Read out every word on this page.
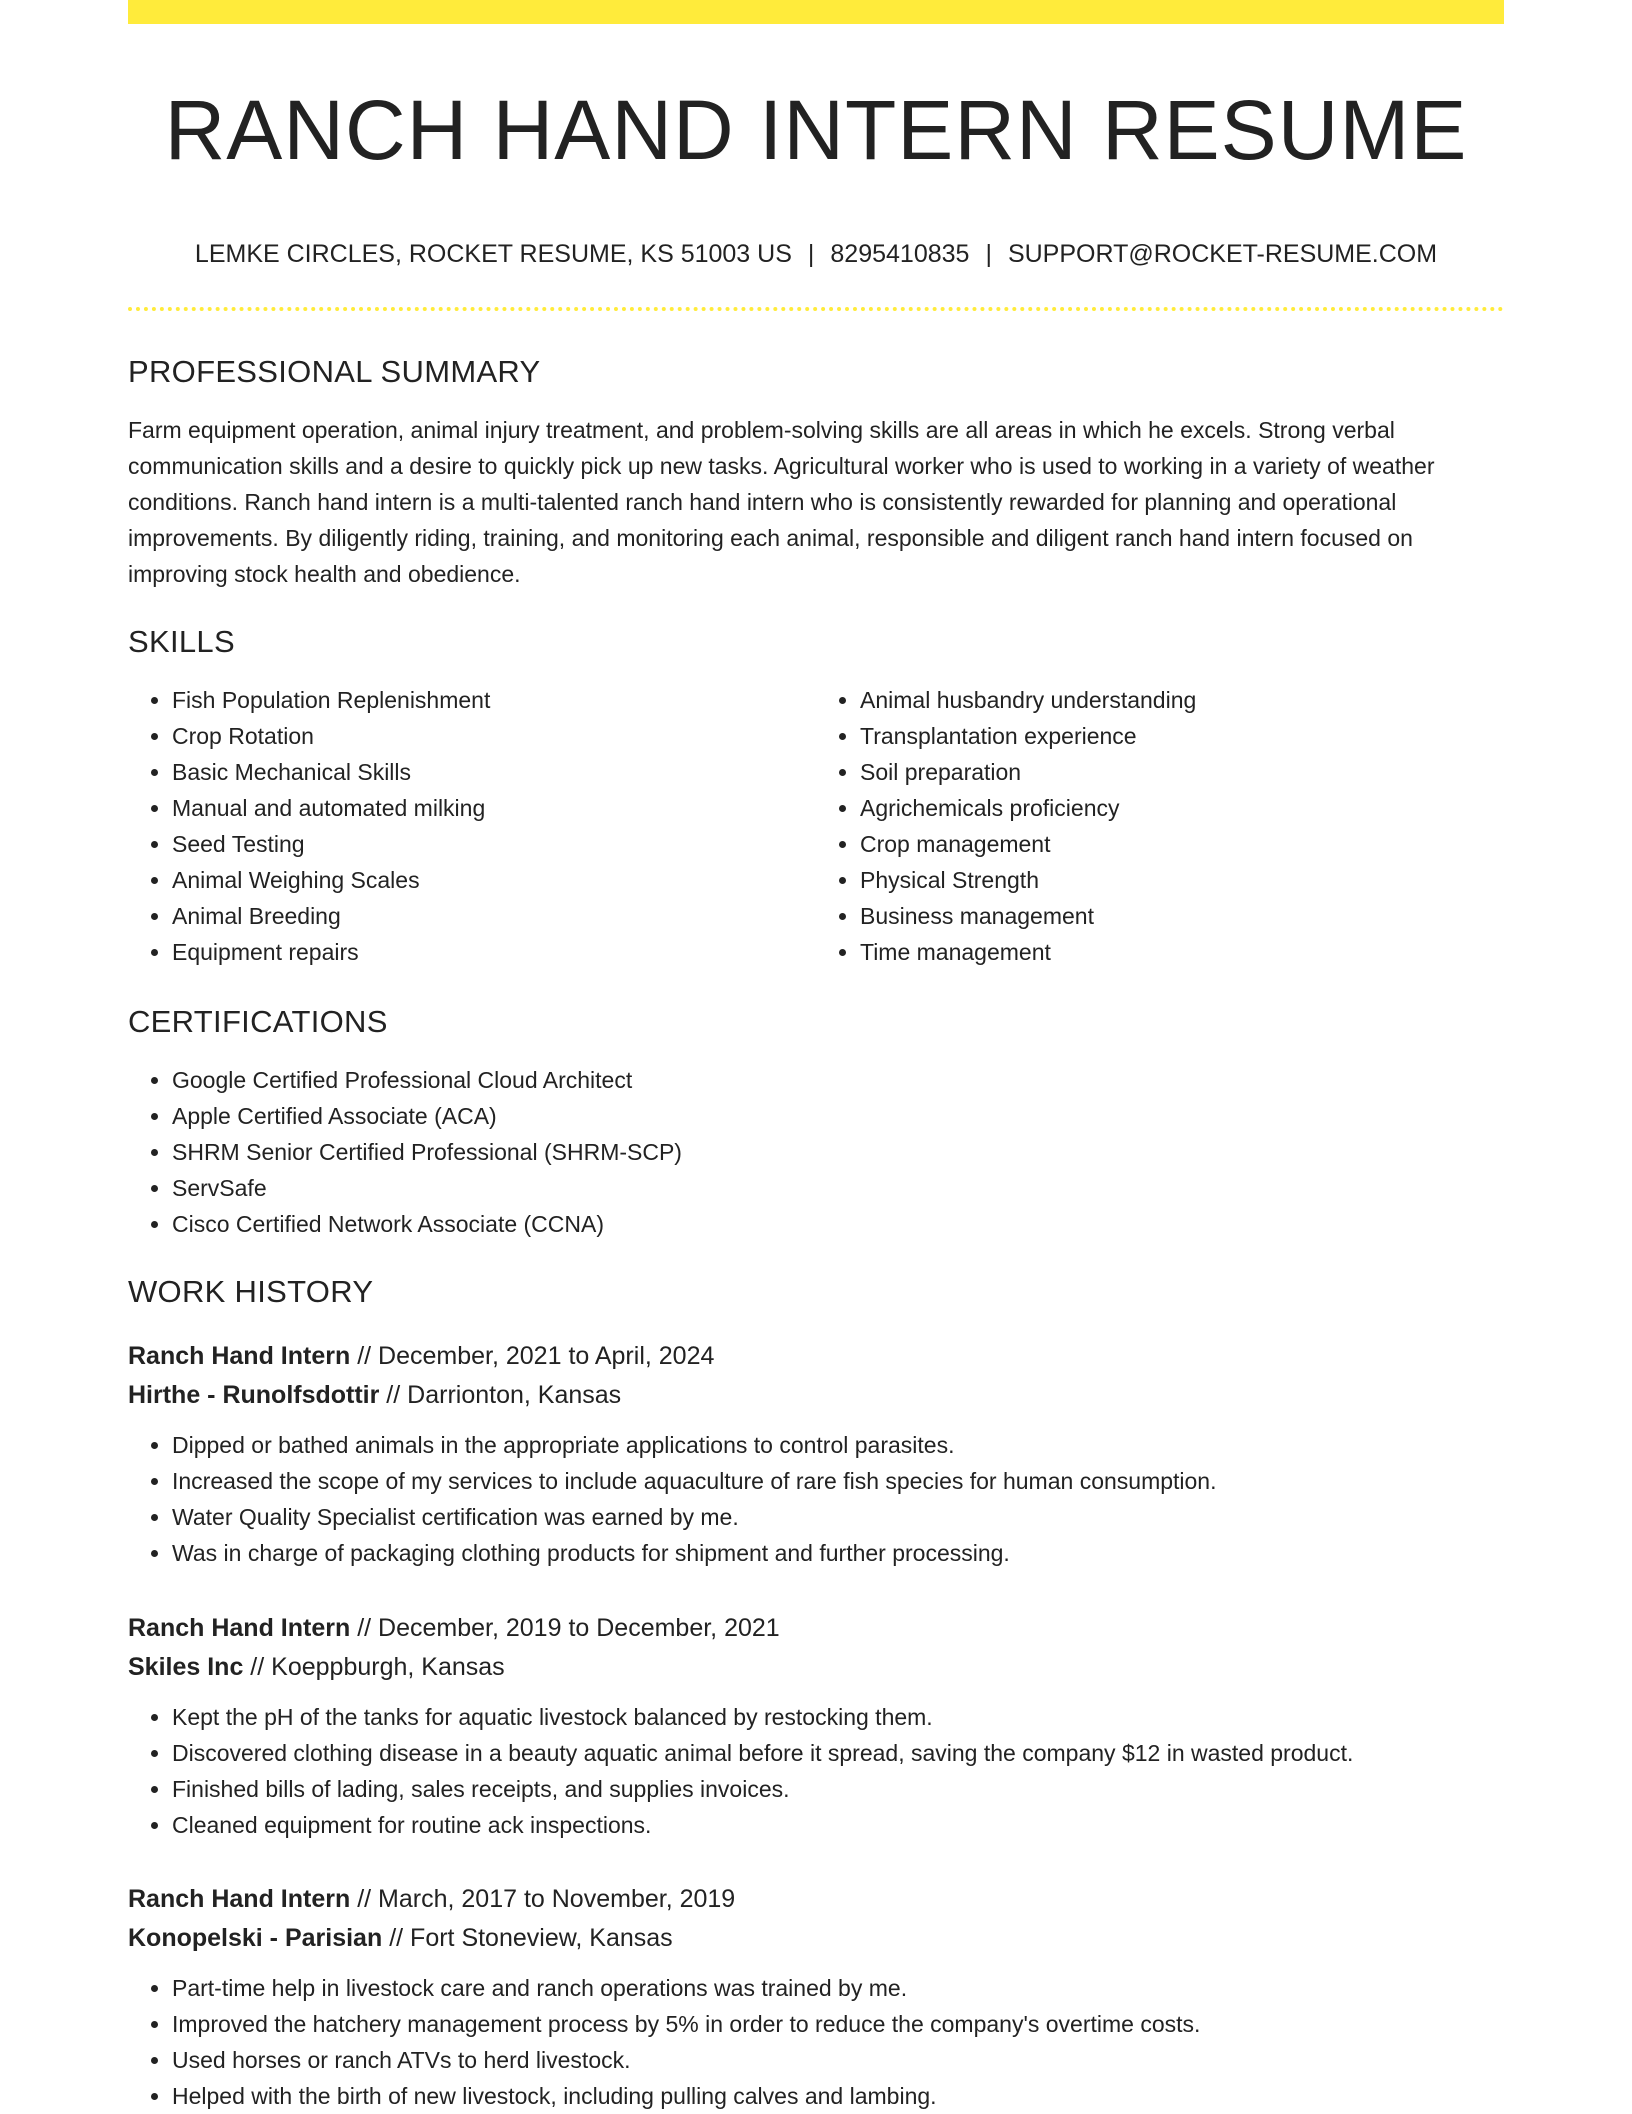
RANCH HAND INTERN RESUME
LEMKE CIRCLES, ROCKET RESUME, KS 51003 US | 8295410835 | SUPPORT@ROCKET-RESUME.COM
PROFESSIONAL SUMMARY

Farm equipment operation, animal injury treatment, and problem-solving skills are all areas in which he excels. Strong verbal communication skills and a desire to quickly pick up new tasks. Agricultural worker who is used to working in a variety of weather conditions. Ranch hand intern is a multi-talented ranch hand intern who is consistently rewarded for planning and operational improvements. By diligently riding, training, and monitoring each animal, responsible and diligent ranch hand intern focused on improving stock health and obedience.

SKILLS
• Fish Population Replenishment
• Crop Rotation
• Basic Mechanical Skills
• Manual and automated milking
• Seed Testing
• Animal Weighing Scales
• Animal Breeding
• Equipment repairs
• Animal husbandry understanding
• Transplantation experience
• Soil preparation
• Agrichemicals proficiency
• Crop management
• Physical Strength
• Business management
• Time management
CERTIFICATIONS
• Google Certified Professional Cloud Architect
• Apple Certified Associate (ACA)
• SHRM Senior Certified Professional (SHRM-SCP)
• ServSafe
• Cisco Certified Network Associate (CCNA)
WORK HISTORY
Ranch Hand Intern // December, 2021 to April, 2024
Hirthe - Runolfsdottir // Darrionton, Kansas
• Dipped or bathed animals in the appropriate applications to control parasites.
• Increased the scope of my services to include aquaculture of rare fish species for human consumption.
• Water Quality Specialist certification was earned by me.
• Was in charge of packaging clothing products for shipment and further processing.
Ranch Hand Intern // December, 2019 to December, 2021
Skiles Inc // Koeppburgh, Kansas
• Kept the pH of the tanks for aquatic livestock balanced by restocking them.
• Discovered clothing disease in a beauty aquatic animal before it spread, saving the company $12 in wasted product.
• Finished bills of lading, sales receipts, and supplies invoices.
• Cleaned equipment for routine ack inspections.
Ranch Hand Intern // March, 2017 to November, 2019
Konopelski - Parisian // Fort Stoneview, Kansas
• Part-time help in livestock care and ranch operations was trained by me.
• Improved the hatchery management process by 5% in order to reduce the company's overtime costs.
• Used horses or ranch ATVs to herd livestock.
• Helped with the birth of new livestock, including pulling calves and lambing.
